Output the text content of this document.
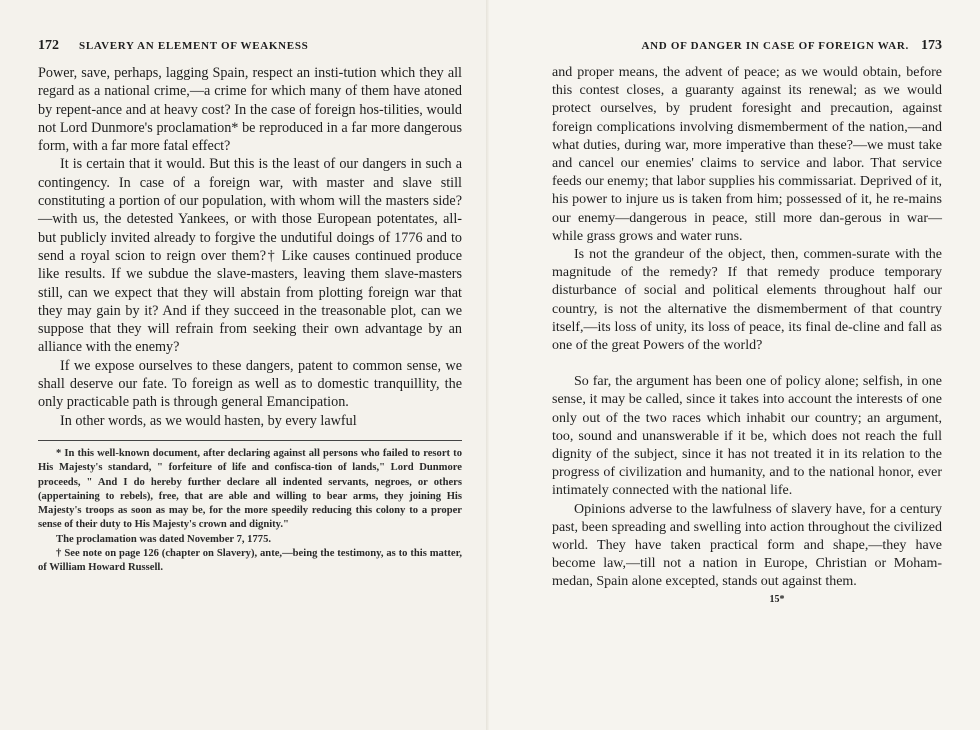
172 SLAVERY AN ELEMENT OF WEAKNESS

Power, save, perhaps, lagging Spain, respect an insti-tution which they all regard as a national crime,—a crime for which many of them have atoned by repent-ance and at heavy cost? In the case of foreign hos-tilities, would not Lord Dunmore's proclamation* be reproduced in a far more dangerous form, with a far more fatal effect?

It is certain that it would. But this is the least of our dangers in such a contingency. In case of a foreign war, with master and slave still constituting a portion of our population, with whom will the masters side?—with us, the detested Yankees, or with those European potentates, all-but publicly invited already to forgive the undutiful doings of 1776 and to send a royal scion to reign over them?† Like causes continued produce like results. If we subdue the slave-masters, leaving them slave-masters still, can we expect that they will abstain from plotting foreign war that they may gain by it? And if they succeed in the treasonable plot, can we suppose that they will refrain from seeking their own advantage by an alliance with the enemy?

If we expose ourselves to these dangers, patent to common sense, we shall deserve our fate. To foreign as well as to domestic tranquillity, the only practicable path is through general Emancipation.

In other words, as we would hasten, by every lawful

* In this well-known document, after declaring against all persons who failed to resort to His Majesty's standard, " forfeiture of life and confisca-tion of lands," Lord Dunmore proceeds, " And I do hereby further declare all indented servants, negroes, or others (appertaining to rebels), free, that are able and willing to bear arms, they joining His Majesty's troops as soon as may be, for the more speedily reducing this colony to a proper sense of their duty to His Majesty's crown and dignity."

The proclamation was dated November 7, 1775.

† See note on page 126 (chapter on Slavery), ante,—being the testimony, as to this matter, of William Howard Russell.

AND OF DANGER IN CASE OF FOREIGN WAR. 173

and proper means, the advent of peace; as we would obtain, before this contest closes, a guaranty against its renewal; as we would protect ourselves, by prudent foresight and precaution, against foreign complications involving dismemberment of the nation,—and what duties, during war, more imperative than these?—we must take and cancel our enemies' claims to service and labor. That service feeds our enemy; that labor supplies his commissariat. Deprived of it, his power to injure us is taken from him; possessed of it, he re-mains our enemy—dangerous in peace, still more dan-gerous in war—while grass grows and water runs.

Is not the grandeur of the object, then, commen-surate with the magnitude of the remedy? If that remedy produce temporary disturbance of social and political elements throughout half our country, is not the alternative the dismemberment of that country itself,—its loss of unity, its loss of peace, its final de-cline and fall as one of the great Powers of the world?

So far, the argument has been one of policy alone; selfish, in one sense, it may be called, since it takes into account the interests of one only out of the two races which inhabit our country; an argument, too, sound and unanswerable if it be, which does not reach the full dignity of the subject, since it has not treated it in its relation to the progress of civilization and humanity, and to the national honor, ever intimately connected with the national life.

Opinions adverse to the lawfulness of slavery have, for a century past, been spreading and swelling into action throughout the civilized world. They have taken practical form and shape,—they have become law,—till not a nation in Europe, Christian or Moham-medan, Spain alone excepted, stands out against them.

15*
